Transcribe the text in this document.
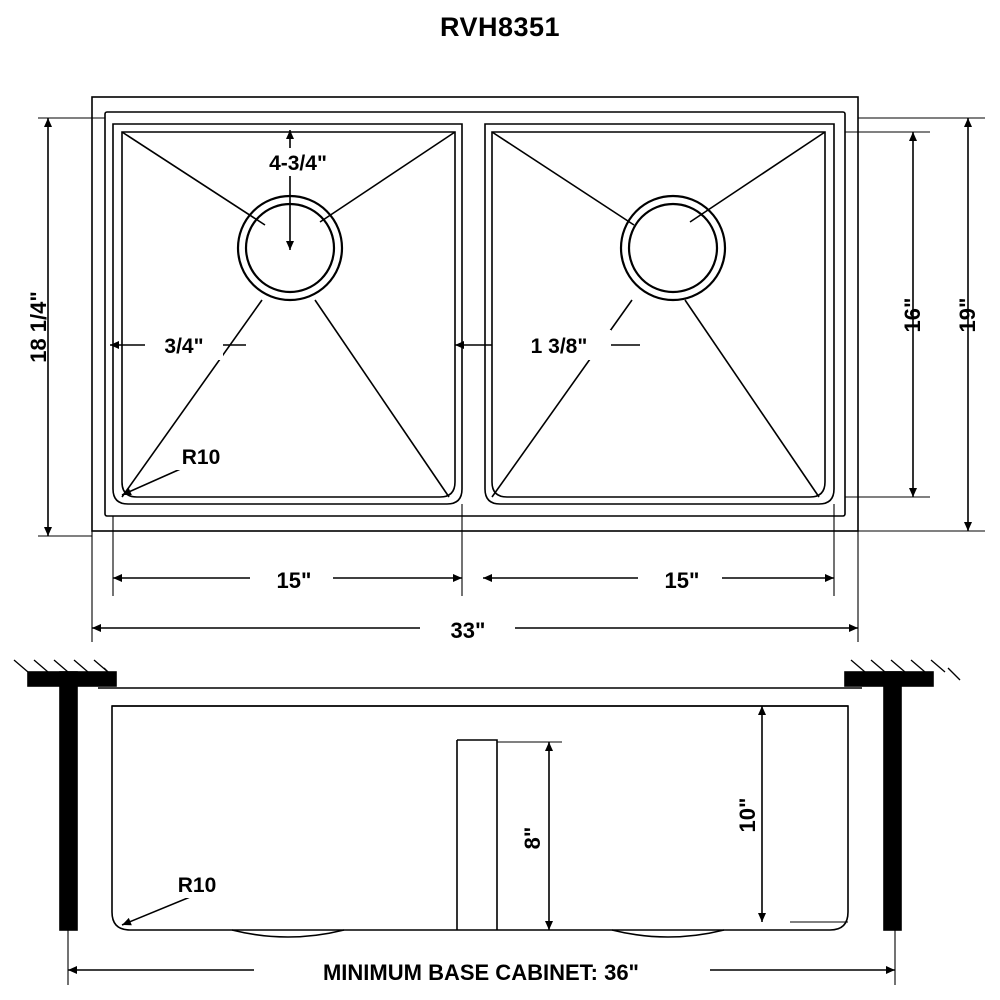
RVH8351
4-3/4"
3/4"	1 3/8"
R10
18 1/4"	16" 19"
15"	15"
33"
R10
8"
10"
MINIMUM BASE CABINET: 36"
